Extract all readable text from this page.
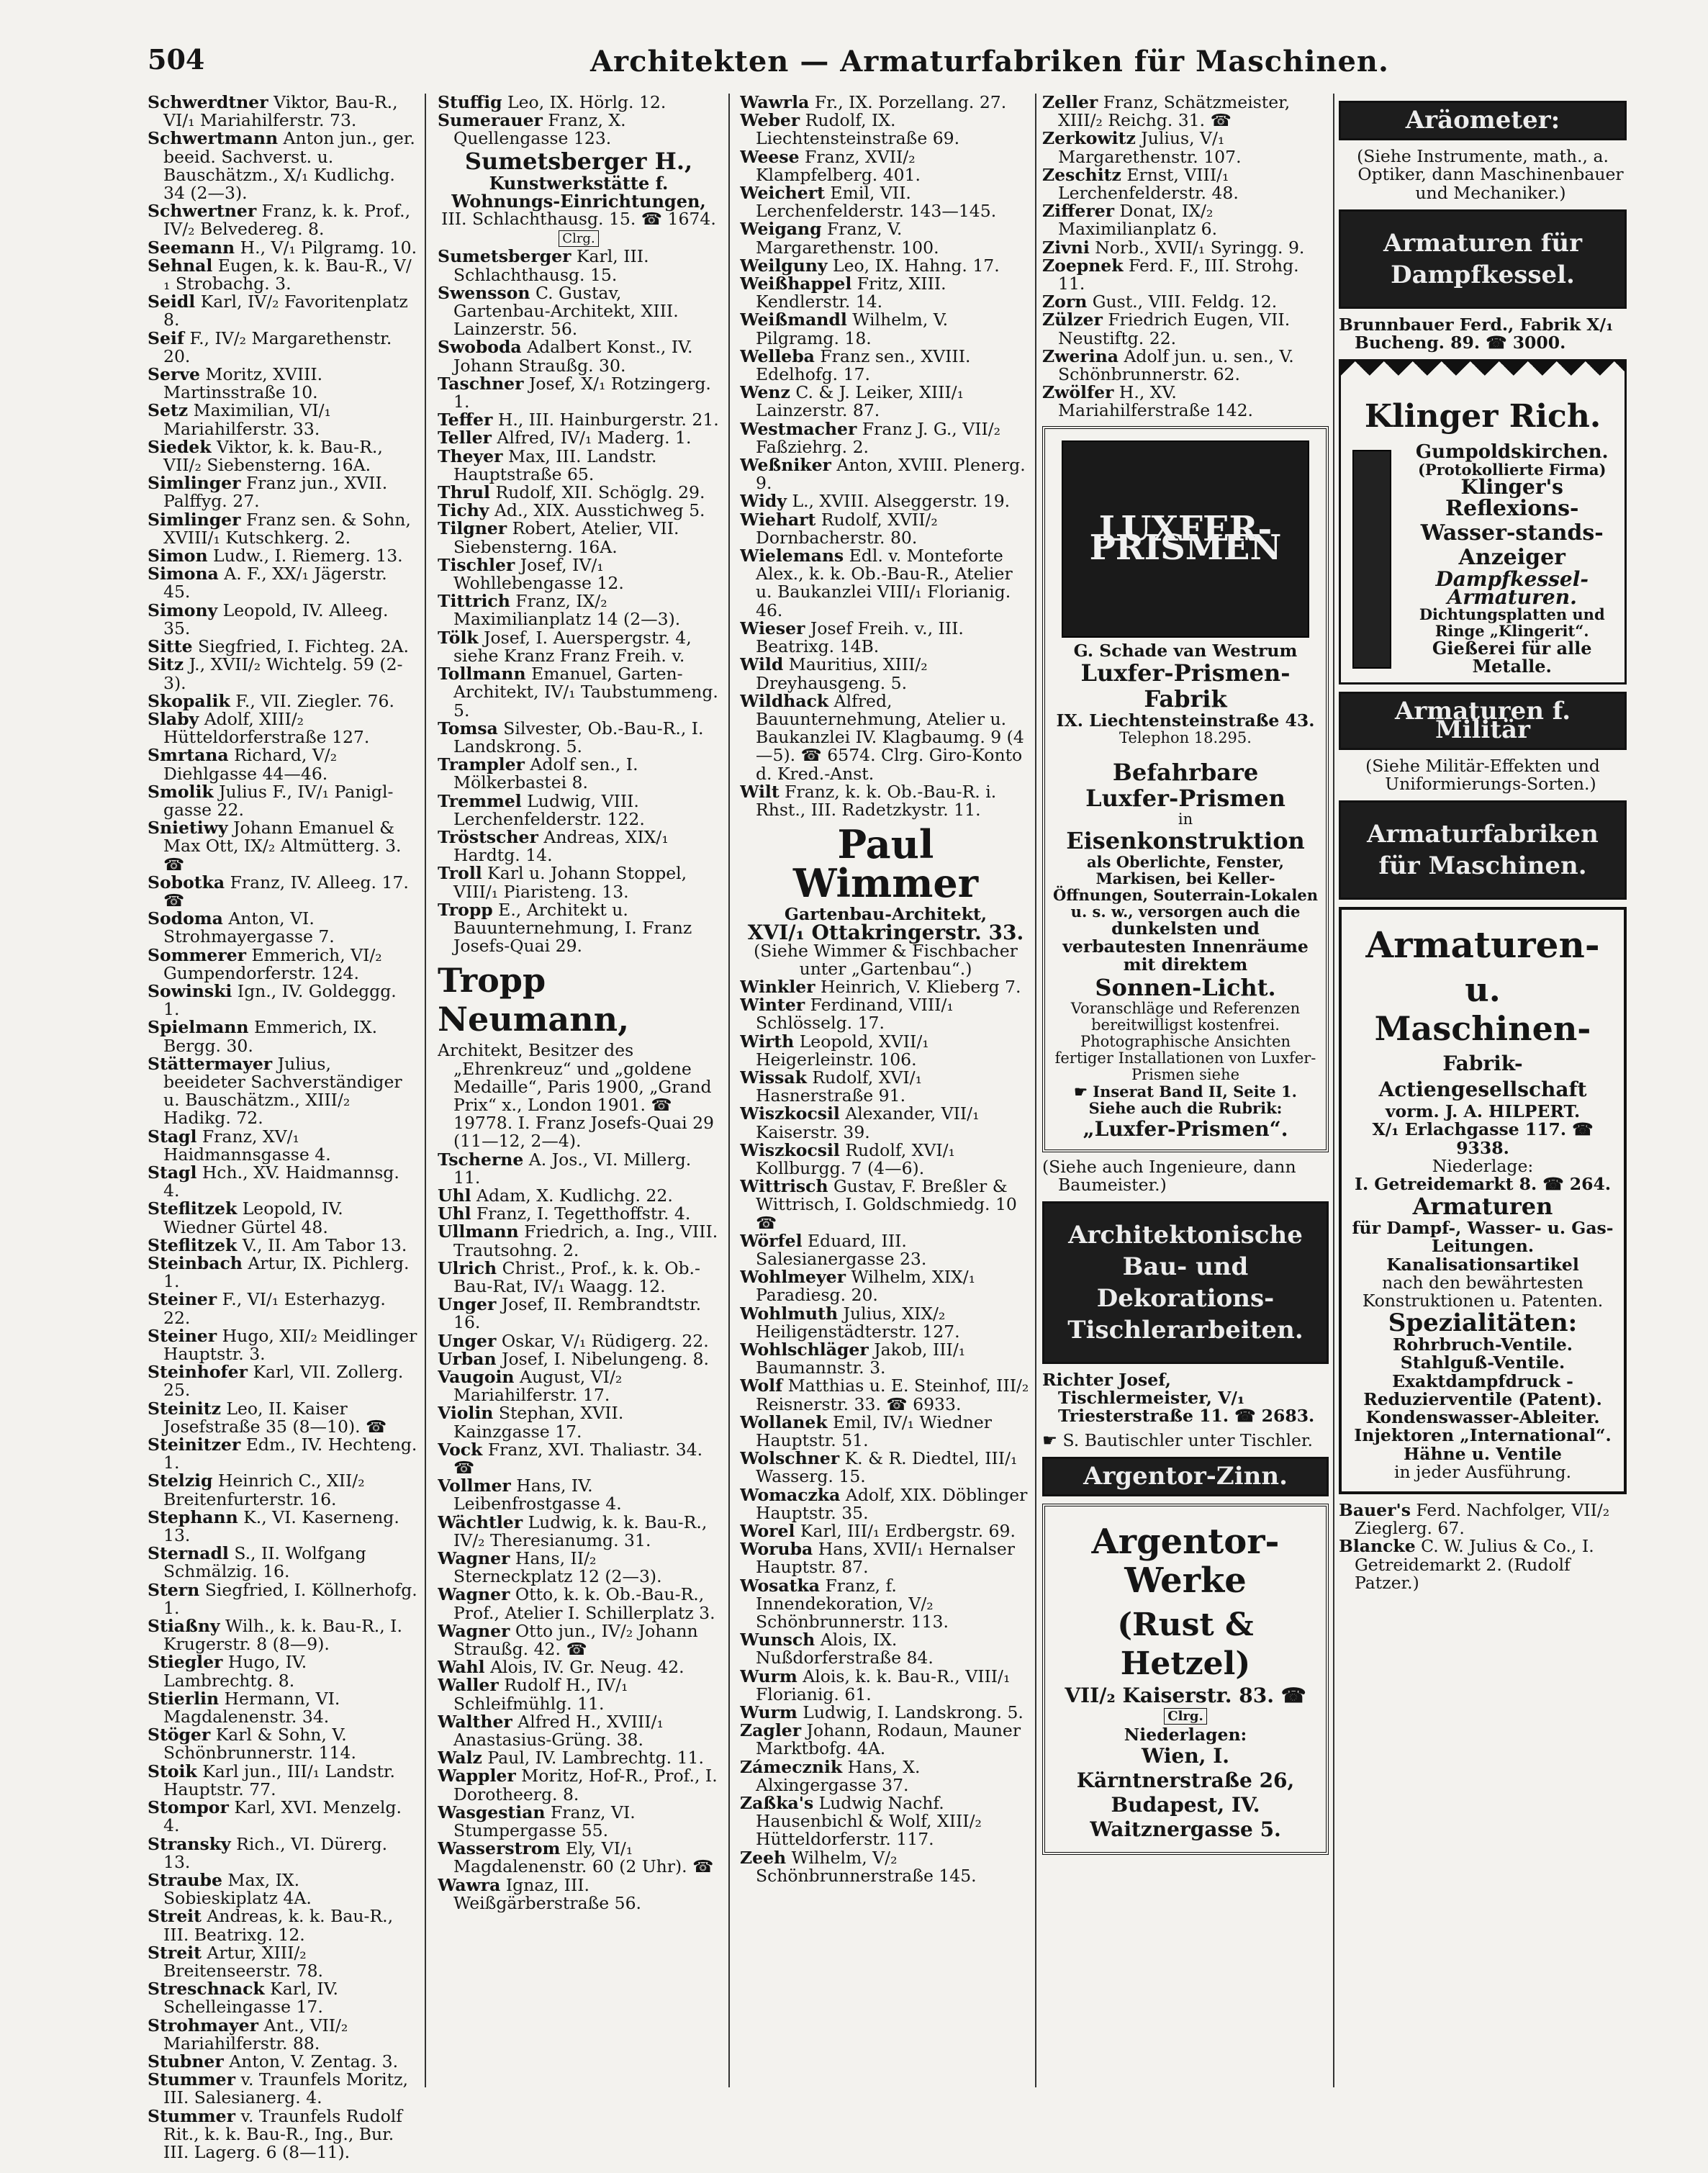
504	Architekten — Armaturfabriken für Maschinen.

Schwerdtner Viktor, Bau-R., VI/₁ Mariahilferstr. 73.

Schwertmann Anton jun., ger. beeid. Sachverst. u. Bauschätzm., X/₁ Kudlichg. 34 (2—3).

Schwertner Franz, k. k. Prof., IV/₂ Belvedereg. 8.

Seemann H., V/₁ Pilgramg. 10.

Sehnal Eugen, k. k. Bau-R., V/₁ Strobachg. 3.

Seidl Karl, IV/₂ Favoritenplatz 8.

Seif F., IV/₂ Margarethenstr. 20.

Serve Moritz, XVIII. Martinsstraße 10.

Setz Maximilian, VI/₁ Mariahilferstr. 33.

Siedek Viktor, k. k. Bau-R., VII/₂ Siebensterng. 16A.

Simlinger Franz jun., XVII. Palffyg. 27.

Simlinger Franz sen. & Sohn, XVIII/₁ Kutschkerg. 2.

Simon Ludw., I. Riemerg. 13.

Simona A. F., XX/₁ Jägerstr. 45.

Simony Leopold, IV. Alleeg. 35.

Sitte Siegfried, I. Fichteg. 2A.

Sitz J., XVII/₂ Wichtelg. 59 (2-3).

Skopalik F., VII. Ziegler. 76.

Slaby Adolf, XIII/₂ Hütteldorferstraße 127.

Smrtana Richard, V/₂ Diehlgasse 44—46.

Smolik Julius F., IV/₁ Panigl-gasse 22.

Snietiwy Johann Emanuel & Max Ott, IX/₂ Altmütterg. 3. ☎

Sobotka Franz, IV. Alleeg. 17. ☎

Sodoma Anton, VI. Strohmayergasse 7.

Sommerer Emmerich, VI/₂ Gumpendorferstr. 124.

Sowinski Ign., IV. Goldeggg. 1.

Spielmann Emmerich, IX. Bergg. 30.

Stättermayer Julius, beeideter Sachverständiger u. Bauschätzm., XIII/₂ Hadikg. 72.

Stagl Franz, XV/₁ Haidmannsgasse 4.

Stagl Hch., XV. Haidmannsg. 4.

Steflitzek Leopold, IV. Wiedner Gürtel 48.

Steflitzek V., II. Am Tabor 13.

Steinbach Artur, IX. Pichlerg. 1.

Steiner F., VI/₁ Esterhazyg. 22.

Steiner Hugo, XII/₂ Meidlinger Hauptstr. 3.

Steinhofer Karl, VII. Zollerg. 25.

Steinitz Leo, II. Kaiser Josefstraße 35 (8—10). ☎

Steinitzer Edm., IV. Hechteng. 1.

Stelzig Heinrich C., XII/₂ Breitenfurterstr. 16.

Stephann K., VI. Kaserneng. 13.

Sternadl S., II. Wolfgang Schmälzig. 16.

Stern Siegfried, I. Köllnerhofg. 1.

Stiaßny Wilh., k. k. Bau-R., I. Krugerstr. 8 (8—9).

Stiegler Hugo, IV. Lambrechtg. 8.

Stierlin Hermann, VI. Magdalenenstr. 34.

Stöger Karl & Sohn, V. Schönbrunnerstr. 114.

Stoik Karl jun., III/₁ Landstr. Hauptstr. 77.

Stompor Karl, XVI. Menzelg. 4.

Stransky Rich., VI. Dürerg. 13.

Straube Max, IX. Sobieskiplatz 4A.

Streit Andreas, k. k. Bau-R., III. Beatrixg. 12.

Streit Artur, XIII/₂ Breitenseerstr. 78.

Streschnack Karl, IV. Schelleingasse 17.

Strohmayer Ant., VII/₂ Mariahilferstr. 88.

Stubner Anton, V. Zentag. 3.

Stummer v. Traunfels Moritz, III. Salesianerg. 4.

Stummer v. Traunfels Rudolf Rit., k. k. Bau-R., Ing., Bur. III. Lagerg. 6 (8—11).

Stuffig Leo, IX. Hörlg. 12.

Sumerauer Franz, X. Quellengasse 123.

Sumetsberger H.,
Kunstwerkstätte f. Wohnungs-Einrichtungen,
III. Schlachthausg. 15. ☎ 1674.
Clrg.

Sumetsberger Karl, III. Schlachthausg. 15.

Swensson C. Gustav, Gartenbau-Architekt, XIII. Lainzerstr. 56.

Swoboda Adalbert Konst., IV. Johann Straußg. 30.

Taschner Josef, X/₁ Rotzingerg. 1.

Teffer H., III. Hainburgerstr. 21.

Teller Alfred, IV/₁ Maderg. 1.

Theyer Max, III. Landstr. Hauptstraße 65.

Thrul Rudolf, XII. Schöglg. 29.

Tichy Ad., XIX. Ausstichweg 5.

Tilgner Robert, Atelier, VII. Siebensterng. 16A.

Tischler Josef, IV/₁ Wohllebengasse 12.

Tittrich Franz, IX/₂ Maximilianplatz 14 (2—3).

Tölk Josef, I. Auerspergstr. 4, siehe Kranz Franz Freih. v.

Tollmann Emanuel, Garten-Architekt, IV/₁ Taubstummeng. 5.

Tomsa Silvester, Ob.-Bau-R., I. Landskrong. 5.

Trampler Adolf sen., I. Mölkerbastei 8.

Tremmel Ludwig, VIII. Lerchenfelderstr. 122.

Tröstscher Andreas, XIX/₁ Hardtg. 14.

Troll Karl u. Johann Stoppel, VIII/₁ Piaristeng. 13.

Tropp E., Architekt u. Bauunternehmung, I. Franz Josefs-Quai 29.

Tropp Neumann,

Architekt, Besitzer des „Ehrenkreuz“ und „goldene Medaille“, Paris 1900, „Grand Prix“ x., London 1901. ☎ 19778. I. Franz Josefs-Quai 29 (11—12, 2—4).

Tscherne A. Jos., VI. Millerg. 11.

Uhl Adam, X. Kudlichg. 22.

Uhl Franz, I. Tegetthoffstr. 4.

Ullmann Friedrich, a. Ing., VIII. Trautsohng. 2.

Ulrich Christ., Prof., k. k. Ob.-Bau-Rat, IV/₁ Waagg. 12.

Unger Josef, II. Rembrandtstr. 16.

Unger Oskar, V/₁ Rüdigerg. 22.

Urban Josef, I. Nibelungeng. 8.

Vaugoin August, VI/₂ Mariahilferstr. 17.

Violin Stephan, XVII. Kainzgasse 17.

Vock Franz, XVI. Thaliastr. 34. ☎

Vollmer Hans, IV. Leibenfrostgasse 4.

Wächtler Ludwig, k. k. Bau-R., IV/₂ Theresianumg. 31.

Wagner Hans, II/₂ Sterneckplatz 12 (2—3).

Wagner Otto, k. k. Ob.-Bau-R., Prof., Atelier I. Schillerplatz 3.

Wagner Otto jun., IV/₂ Johann Straußg. 42. ☎

Wahl Alois, IV. Gr. Neug. 42.

Waller Rudolf H., IV/₁ Schleifmühlg. 11.

Walther Alfred H., XVIII/₁ Anastasius-Grüng. 38.

Walz Paul, IV. Lambrechtg. 11.

Wappler Moritz, Hof-R., Prof., I. Dorotheerg. 8.

Wasgestian Franz, VI. Stumpergasse 55.

Wasserstrom Ely, VI/₁ Magdalenenstr. 60 (2 Uhr). ☎

Wawra Ignaz, III. Weißgärberstraße 56.

Wawrla Fr., IX. Porzellang. 27.

Weber Rudolf, IX. Liechtensteinstraße 69.

Weese Franz, XVII/₂ Klampfelberg. 401.

Weichert Emil, VII. Lerchenfelderstr. 143—145.

Weigang Franz, V. Margarethenstr. 100.

Weilguny Leo, IX. Hahng. 17.

Weißhappel Fritz, XIII. Kendlerstr. 14.

Weißmandl Wilhelm, V. Pilgramg. 18.

Welleba Franz sen., XVIII. Edelhofg. 17.

Wenz C. & J. Leiker, XIII/₁ Lainzerstr. 87.

Westmacher Franz J. G., VII/₂ Faßziehrg. 2.

Weßniker Anton, XVIII. Plenerg. 9.

Widy L., XVIII. Alseggerstr. 19.

Wiehart Rudolf, XVII/₂ Dornbacherstr. 80.

Wielemans Edl. v. Monteforte Alex., k. k. Ob.-Bau-R., Atelier u. Baukanzlei VIII/₁ Florianig. 46.

Wieser Josef Freih. v., III. Beatrixg. 14B.

Wild Mauritius, XIII/₂ Dreyhausgeng. 5.

Wildhack Alfred, Bauunternehmung, Atelier u. Baukanzlei IV. Klagbaumg. 9 (4—5). ☎ 6574. Clrg. Giro-Konto d. Kred.-Anst.

Wilt Franz, k. k. Ob.-Bau-R. i. Rhst., III. Radetzkystr. 11.

Paul Wimmer
Gartenbau-Architekt,
XVI/₁ Ottakringerstr. 33.
(Siehe Wimmer & Fischbacher unter „Gartenbau“.)

Winkler Heinrich, V. Klieberg 7.

Winter Ferdinand, VIII/₁ Schlösselg. 17.

Wirth Leopold, XVII/₁ Heigerleinstr. 106.

Wissak Rudolf, XVI/₁ Hasnerstraße 91.

Wiszkocsil Alexander, VII/₁ Kaiserstr. 39.

Wiszkocsil Rudolf, XVI/₁ Kollburgg. 7 (4—6).

Wittrisch Gustav, F. Breßler & Wittrisch, I. Goldschmiedg. 10 ☎

Wörfel Eduard, III. Salesianergasse 23.

Wohlmeyer Wilhelm, XIX/₁ Paradiesg. 20.

Wohlmuth Julius, XIX/₂ Heiligenstädterstr. 127.

Wohlschläger Jakob, III/₁ Baumannstr. 3.

Wolf Matthias u. E. Steinhof, III/₂ Reisnerstr. 33. ☎ 6933.

Wollanek Emil, IV/₁ Wiedner Hauptstr. 51.

Wolschner K. & R. Diedtel, III/₁ Wasserg. 15.

Womaczka Adolf, XIX. Döblinger Hauptstr. 35.

Worel Karl, III/₁ Erdbergstr. 69.

Woruba Hans, XVII/₁ Hernalser Hauptstr. 87.

Wosatka Franz, f. Innendekoration, V/₂ Schönbrunnerstr. 113.

Wunsch Alois, IX. Nußdorferstraße 84.

Wurm Alois, k. k. Bau-R., VIII/₁ Florianig. 61.

Wurm Ludwig, I. Landskrong. 5.

Zagler Johann, Rodaun, Mauner Marktbofg. 4A.

Zámecznik Hans, X. Alxingergasse 37.

Zaßka's Ludwig Nachf. Hausenbichl & Wolf, XIII/₂ Hütteldorferstr. 117.

Zeeh Wilhelm, V/₂ Schönbrunnerstraße 145.

Zeller Franz, Schätzmeister, XIII/₂ Reichg. 31. ☎

Zerkowitz Julius, V/₁ Margarethenstr. 107.

Zeschitz Ernst, VIII/₁ Lerchenfelderstr. 48.

Zifferer Donat, IX/₂ Maximilianplatz 6.

Zivni Norb., XVII/₁ Syringg. 9.

Zoepnek Ferd. F., III. Strohg. 11.

Zorn Gust., VIII. Feldg. 12.

Zülzer Friedrich Eugen, VII. Neustiftg. 22.

Zwerina Adolf jun. u. sen., V. Schönbrunnerstr. 62.

Zwölfer H., XV. Mariahilferstraße 142.

LUXFER-PRISMEN
G. Schade van Westrum
Luxfer-Prismen-Fabrik
IX. Liechtensteinstraße 43.
Telephon 18.295.
Befahrbare
Luxfer-Prismen
in
Eisenkonstruktion
als Oberlichte, Fenster, Markisen, bei Keller-Öffnungen, Souterrain-Lokalen u. s. w., versorgen auch die
dunkelsten und verbautesten Innenräume mit direktem
Sonnen-Licht.
Voranschläge und Referenzen bereitwilligst kostenfrei. Photographische Ansichten fertiger Installationen von Luxfer-Prismen siehe
☛ Inserat Band II, Seite 1. Siehe auch die Rubrik:
„Luxfer-Prismen“.

(Siehe auch Ingenieure, dann Baumeister.)

Architektonische Bau- und Dekorations-Tischlerarbeiten.

Richter Josef, Tischlermeister, V/₁ Triesterstraße 11. ☎ 2683.

☛ S. Bautischler unter Tischler.

Argentor-Zinn.
Argentor-Werke
(Rust & Hetzel)
VII/₂ Kaiserstr. 83. ☎ Clrg.
Niederlagen:
Wien, I. Kärntnerstraße 26, Budapest, IV. Waitznergasse 5.
Aräometer:

(Siehe Instrumente, math., a. Optiker, dann Maschinenbauer und Mechaniker.)

Armaturen für Dampfkessel.

Brunnbauer Ferd., Fabrik X/₁ Bucheng. 89. ☎ 3000.

Klinger Rich.

Gumpoldskirchen.
(Protokollierte Firma)
Klinger's
Reflexions-Wasser-stands-Anzeiger
Dampfkessel-Armaturen.
Dichtungsplatten und Ringe „Klingerit“.
Gießerei für alle Metalle.
Armaturen f. Militär

(Siehe Militär-Effekten und Uniformierungs-Sorten.)

Armaturfabriken für Maschinen.
Armaturen-
u. Maschinen-
Fabrik-Actiengesellschaft
vorm. J. A. HILPERT.
X/₁ Erlachgasse 117. ☎ 9338.
Niederlage:
I. Getreidemarkt 8. ☎ 264.
Armaturen
für Dampf-, Wasser- u. Gas-Leitungen.
Kanalisationsartikel
nach den bewährtesten Konstruktionen u. Patenten.
Spezialitäten:
Rohrbruch-Ventile.
Stahlguß-Ventile.
Exaktdampfdruck - Reduzierventile (Patent).
Kondenswasser-Ableiter.
Injektoren „International“.
Hähne u. Ventile
in jeder Ausführung.

Bauer's Ferd. Nachfolger, VII/₂ Zieglerg. 67.

Blancke C. W. Julius & Co., I. Getreidemarkt 2. (Rudolf Patzer.)
